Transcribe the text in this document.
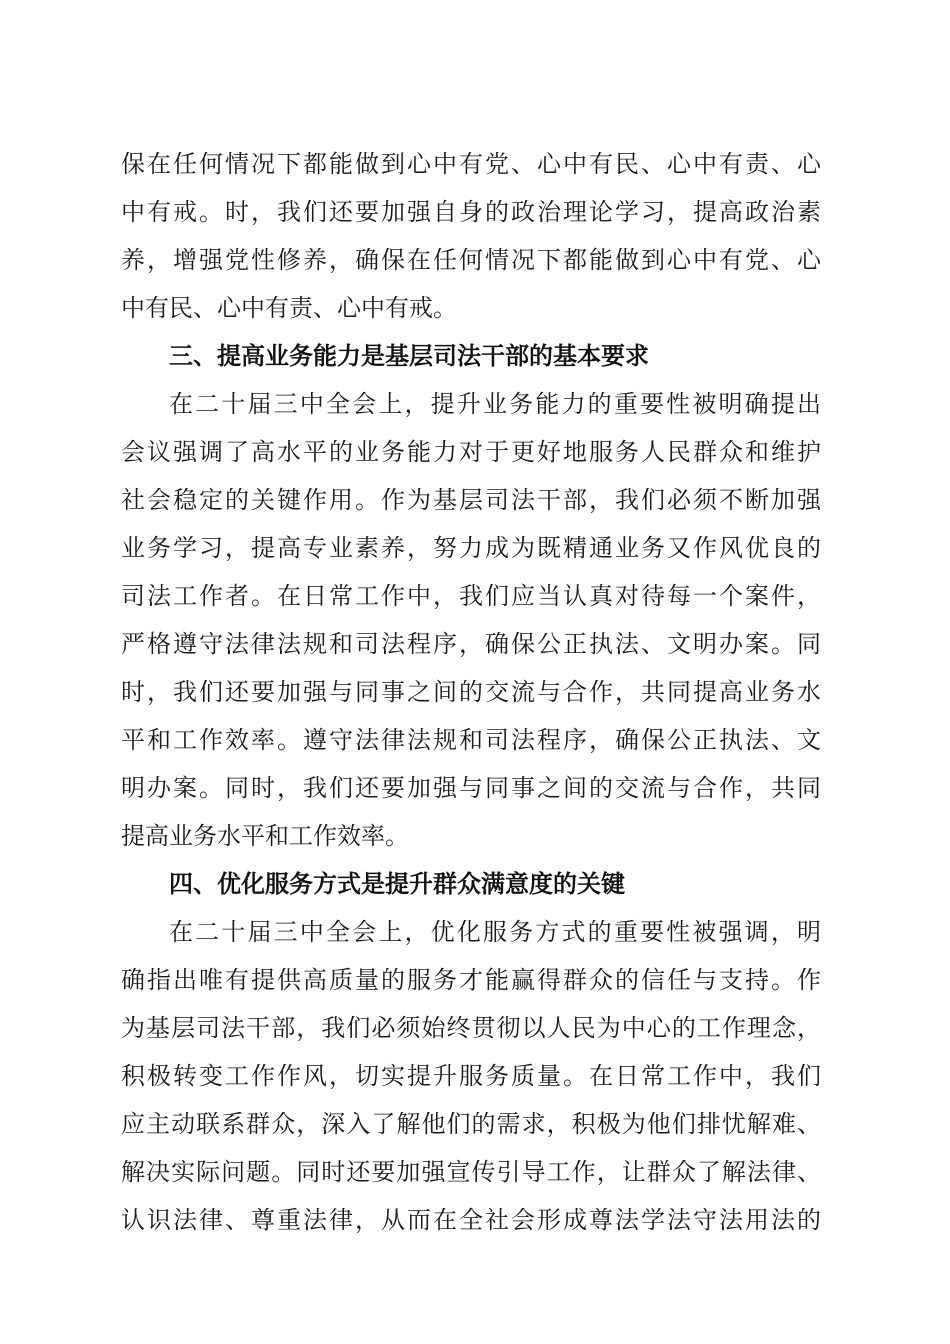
保在任何情况下都能做到心中有党、心中有民、心中有责、心
中有戒。时，我们还要加强自身的政治理论学习，提高政治素
养，增强党性修养，确保在任何情况下都能做到心中有党、心
中有民、心中有责、心中有戒。
三、提高业务能力是基层司法干部的基本要求
在二十届三中全会上，提升业务能力的重要性被明确提出
会议强调了高水平的业务能力对于更好地服务人民群众和维护
社会稳定的关键作用。作为基层司法干部，我们必须不断加强
业务学习，提高专业素养，努力成为既精通业务又作风优良的
司法工作者。在日常工作中，我们应当认真对待每一个案件，
严格遵守法律法规和司法程序，确保公正执法、文明办案。同
时，我们还要加强与同事之间的交流与合作，共同提高业务水
平和工作效率。遵守法律法规和司法程序，确保公正执法、文
明办案。同时，我们还要加强与同事之间的交流与合作，共同
提高业务水平和工作效率。
四、优化服务方式是提升群众满意度的关键
在二十届三中全会上，优化服务方式的重要性被强调，明
确指出唯有提供高质量的服务才能赢得群众的信任与支持。作
为基层司法干部，我们必须始终贯彻以人民为中心的工作理念，
积极转变工作作风，切实提升服务质量。在日常工作中，我们
应主动联系群众，深入了解他们的需求，积极为他们排忧解难、
解决实际问题。同时还要加强宣传引导工作，让群众了解法律、
认识法律、尊重法律，从而在全社会形成尊法学法守法用法的
